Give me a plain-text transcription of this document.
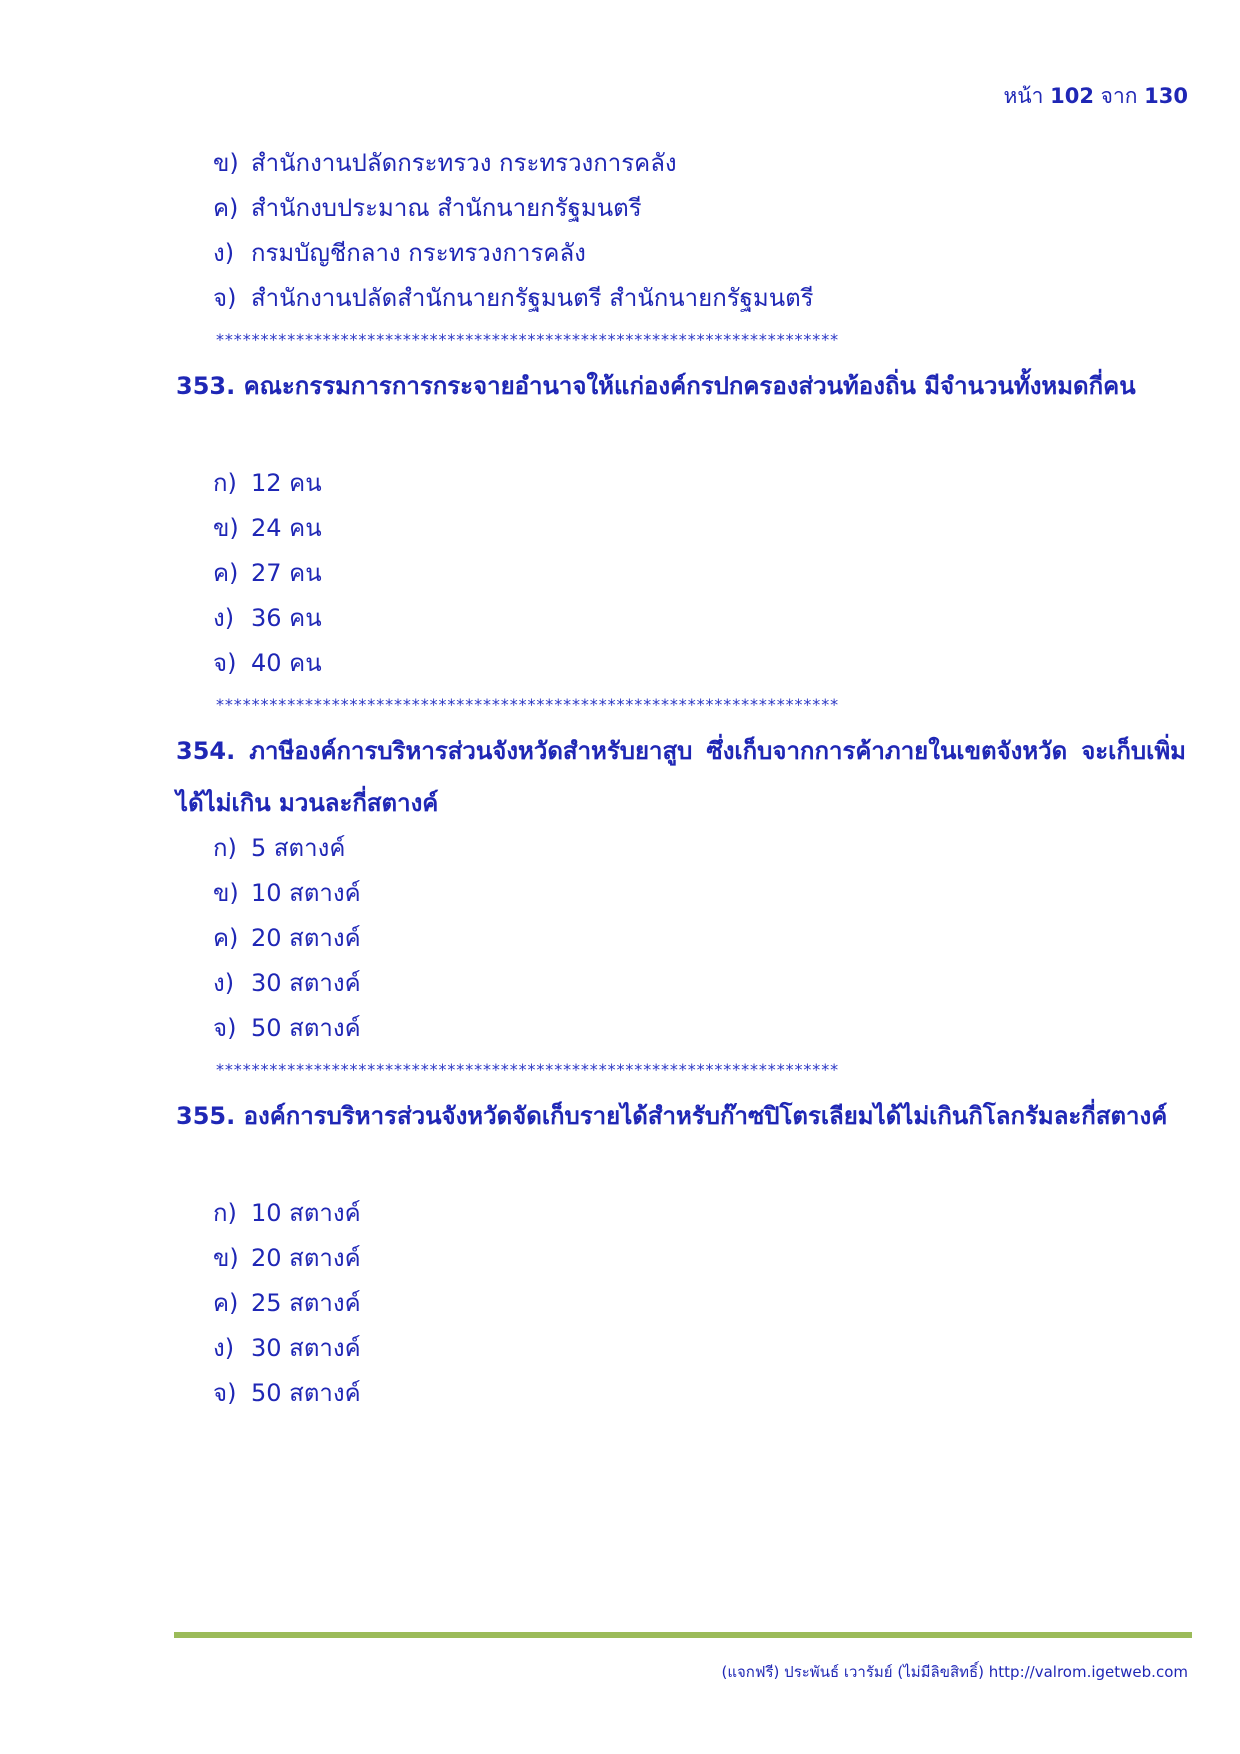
หน้า 102 จาก 130
ข) สำนักงานปลัดกระทรวง กระทรวงการคลัง
ค) สำนักงบประมาณ สำนักนายกรัฐมนตรี
ง) กรมบัญชีกลาง กระทรวงการคลัง
จ) สำนักงานปลัดสำนักนายกรัฐมนตรี สำนักนายกรัฐมนตรี
**********************************************************************
353. คณะกรรมการการกระจายอำนาจให้แก่องค์กรปกครองส่วนท้องถิ่น มีจำนวนทั้งหมดกี่คน
ก) 12 คน
ข) 24 คน
ค) 27 คน
ง) 36 คน
จ) 40 คน
**********************************************************************
354. ภาษีองค์การบริหารส่วนจังหวัดสำหรับยาสูบ ซึ่งเก็บจากการค้าภายในเขตจังหวัด จะเก็บเพิ่มได้ไม่เกิน มวนละกี่สตางค์
ก) 5 สตางค์
ข) 10 สตางค์
ค) 20 สตางค์
ง) 30 สตางค์
จ) 50 สตางค์
**********************************************************************
355. องค์การบริหารส่วนจังหวัดจัดเก็บรายได้สำหรับก๊าซปิโตรเลียมได้ไม่เกินกิโลกรัมละกี่สตางค์
ก) 10 สตางค์
ข) 20 สตางค์
ค) 25 สตางค์
ง) 30 สตางค์
จ) 50 สตางค์
(แจกฟรี) ประพันธ์ เวารัมย์ (ไม่มีลิขสิทธิ์) http://valrom.igetweb.com
